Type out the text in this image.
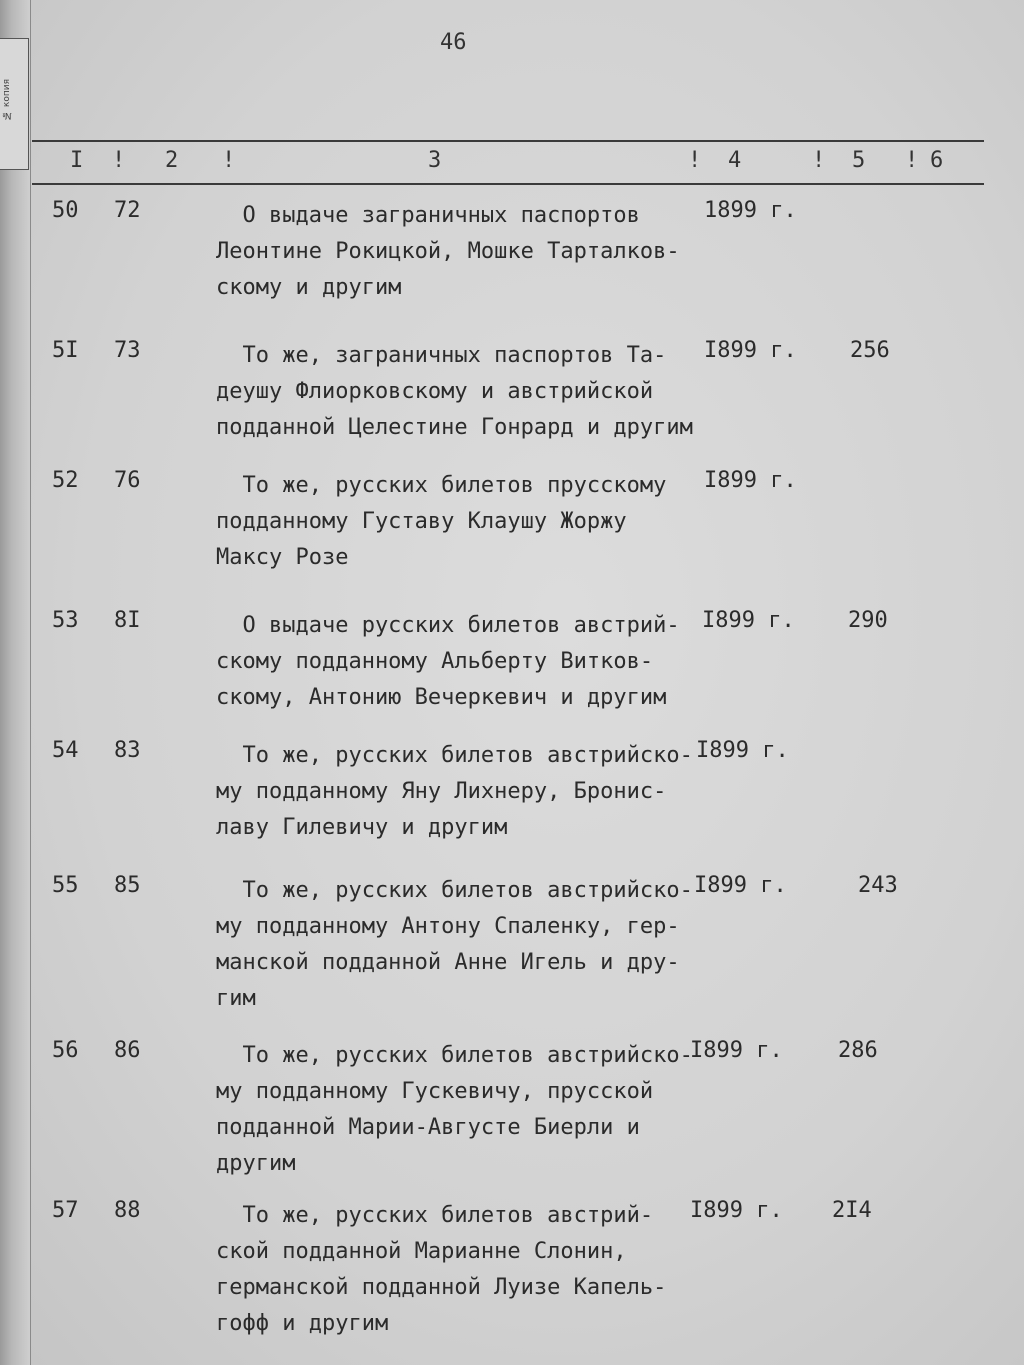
№ копия
46
I ! 2 !	3	! 4	! 5 ! 6
50 72	О выдаче заграничных паспортов
Леонтине Рокицкой, Мошке Тарталков-
скому и другим
1899 г.
5I 73	То же, заграничных паспортов Та-
деушу Флиорковскому и австрийской
подданной Целестине Гонрард и другим
I899 г. 256
52 76	То же, русских билетов прусскому
подданному Густаву Клаушу Жоржу
Максу Розе
I899 г.
53 8I	О выдаче русских билетов австрий-
скому подданному Альберту Витков-
скому, Антонию Вечеркевич и другим
I899 г. 290
54 83	То же, русских билетов австрийско-
му подданному Яну Лихнеру, Бронис-
лаву Гилевичу и другим
I899 г.
55 85	То же, русских билетов австрийско-
му подданному Антону Спаленку, гер-
манской подданной Анне Игель и дру-
гим
I899 г.	243
56 86	То же, русских билетов австрийско-
му подданному Гускевичу, прусской
подданной Марии-Августе Биерли и
другим
I899 г.	286
57 88	То же, русских билетов австрий-
ской подданной Марианне Слонин,
германской подданной Луизе Капель-
гофф и другим
I899 г. 2I4
